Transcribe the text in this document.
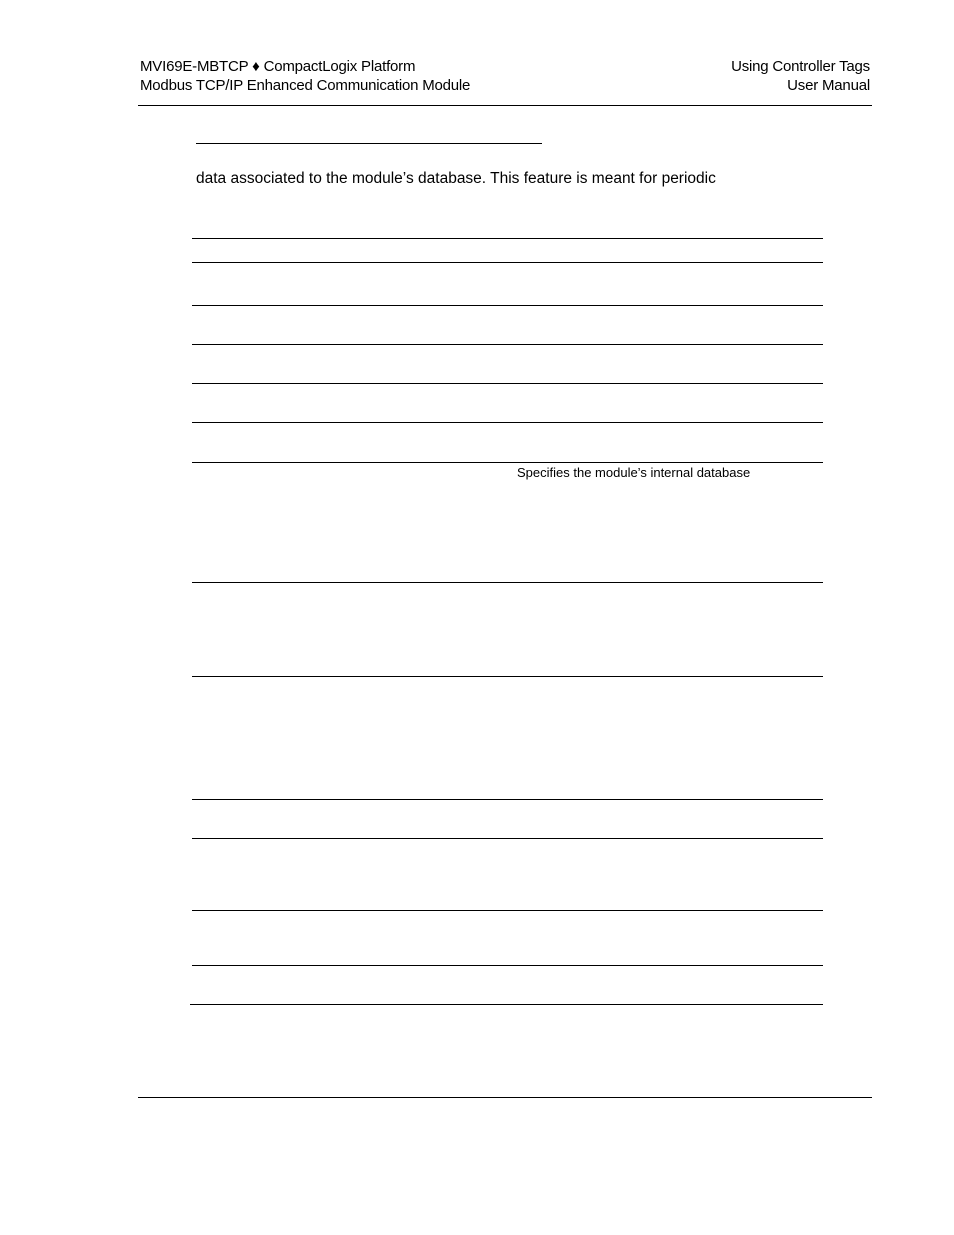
MVI69E-MBTCP ♦ CompactLogix Platform
Modbus TCP/IP Enhanced Communication Module
Using Controller Tags
User Manual
data associated to the module’s database. This feature is meant for periodic
Specifies the module’s internal database
